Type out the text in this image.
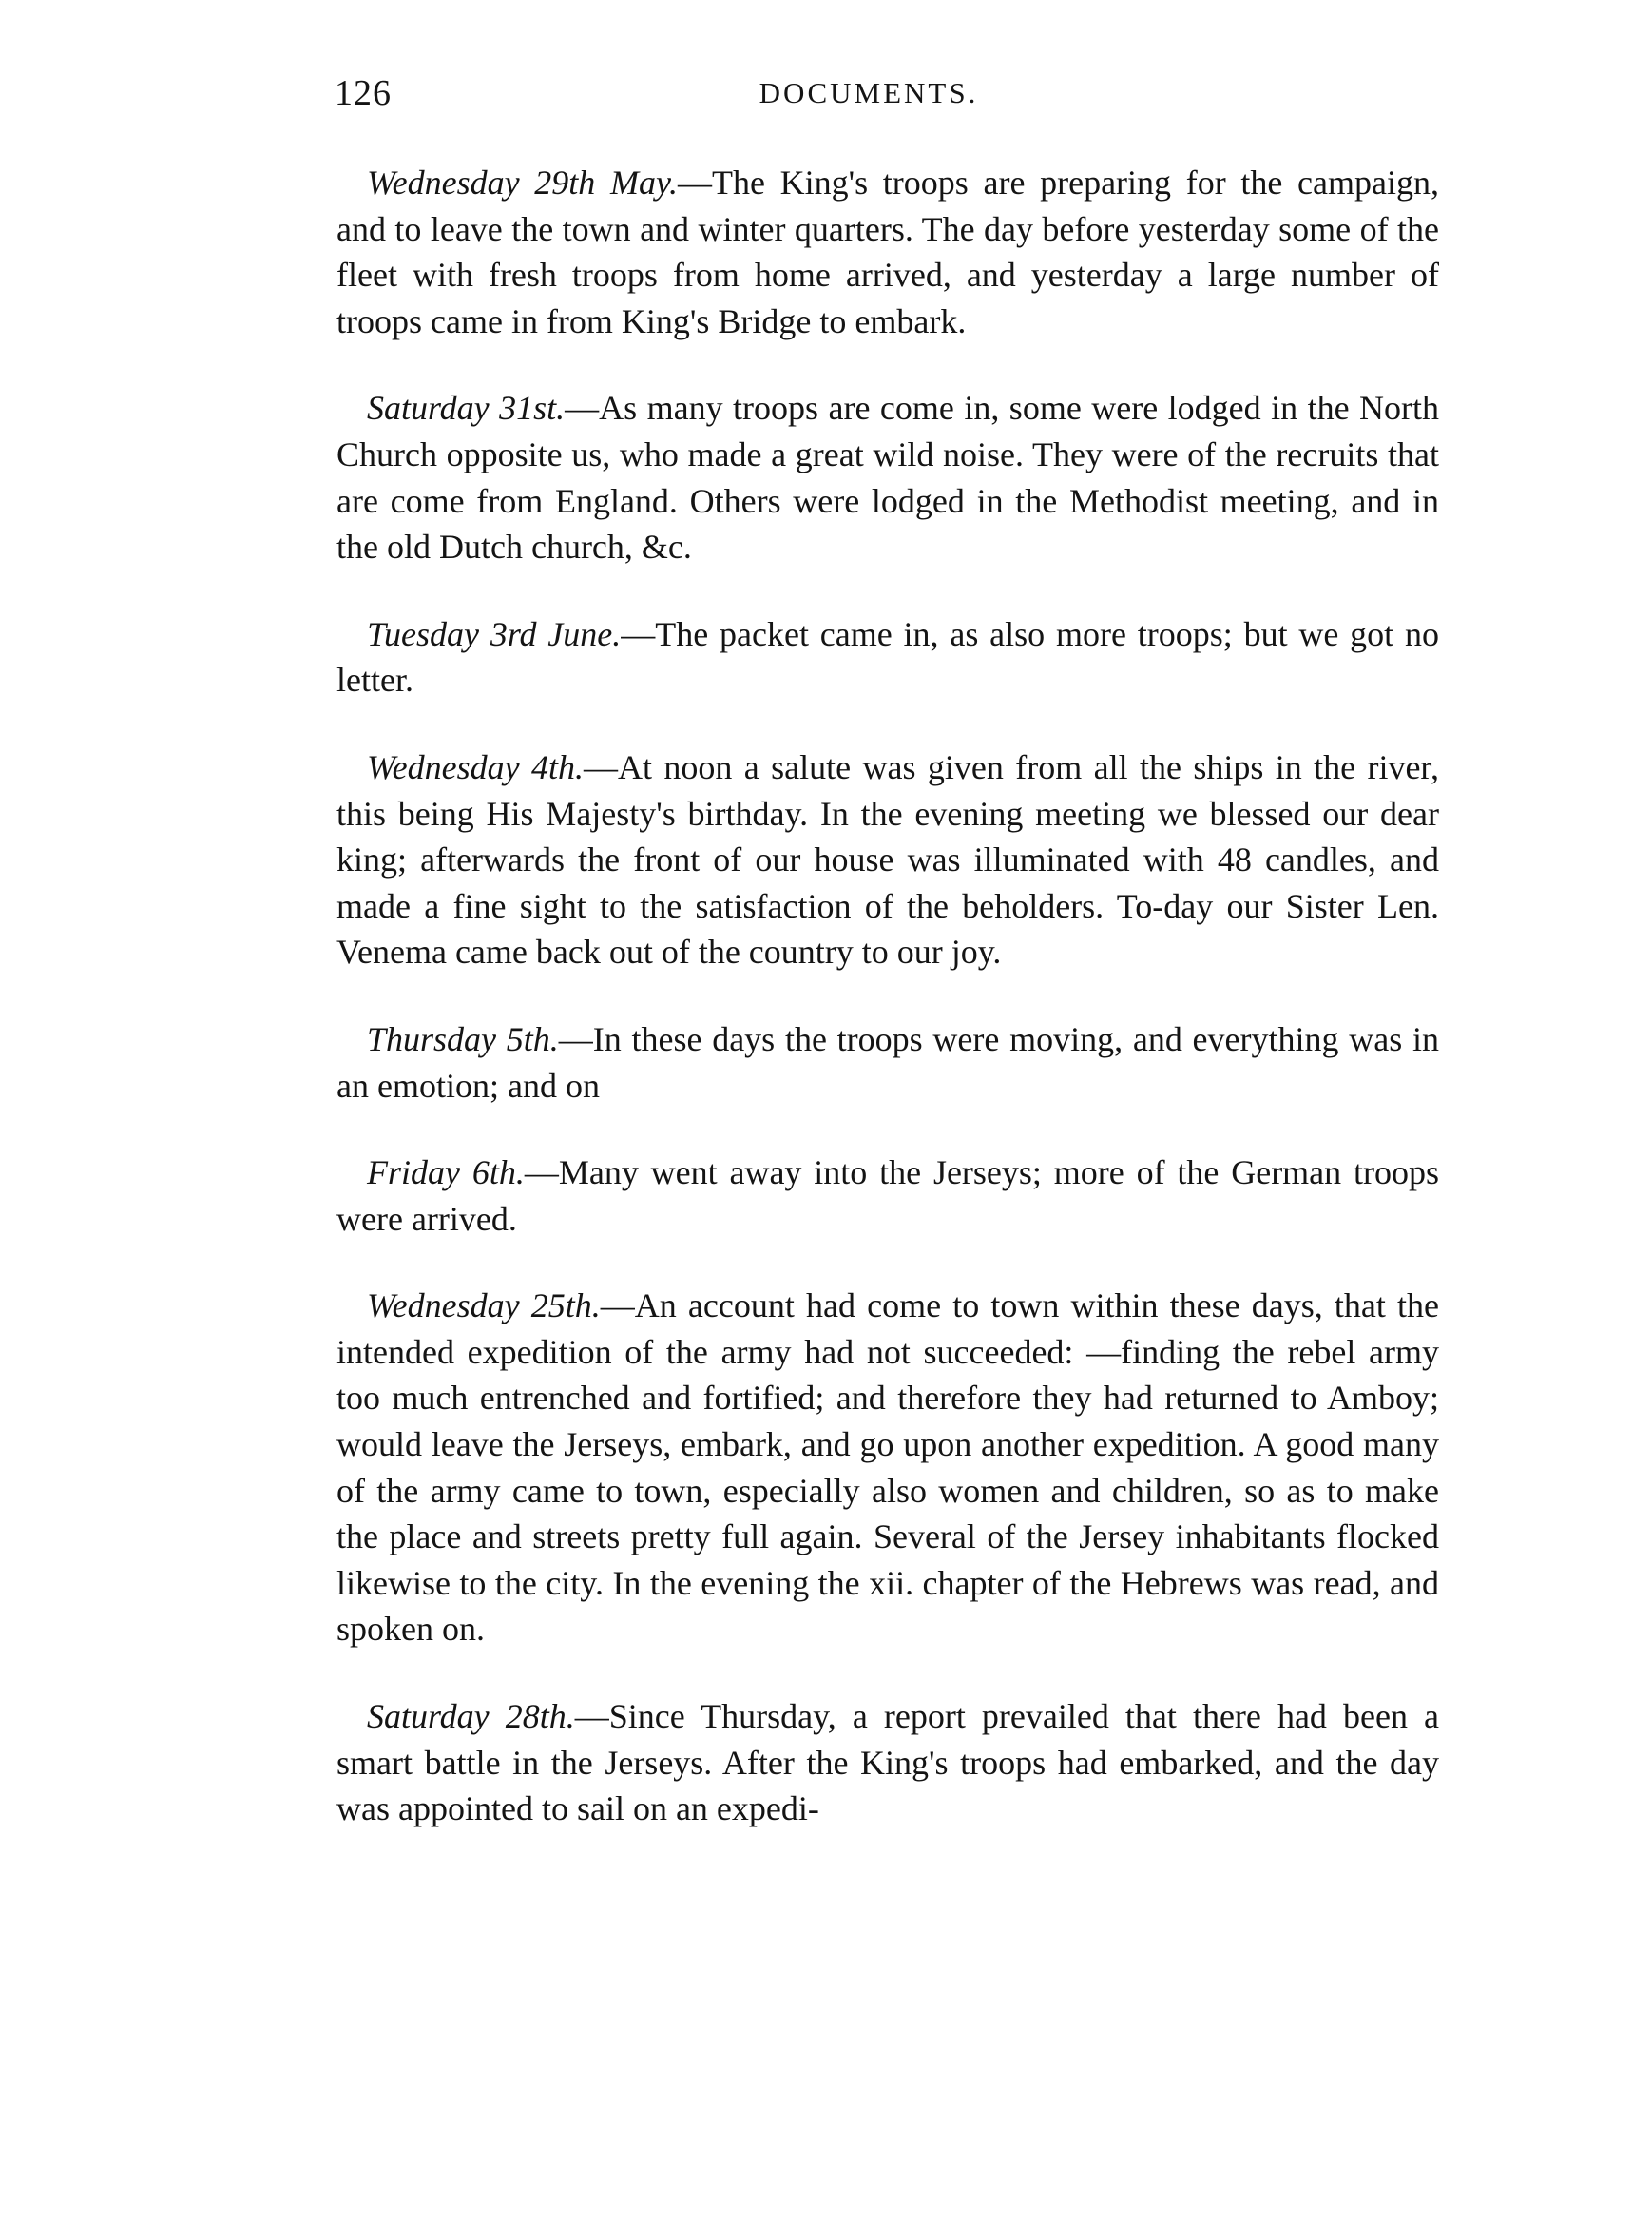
126	DOCUMENTS.

Wednesday 29th May.—The King's troops are preparing for the campaign, and to leave the town and winter quarters. The day before yesterday some of the fleet with fresh troops from home arrived, and yesterday a large number of troops came in from King's Bridge to embark.

Saturday 31st.—As many troops are come in, some were lodged in the North Church opposite us, who made a great wild noise. They were of the recruits that are come from England. Others were lodged in the Methodist meeting, and in the old Dutch church, &c.

Tuesday 3rd June.—The packet came in, as also more troops; but we got no letter.

Wednesday 4th.—At noon a salute was given from all the ships in the river, this being His Majesty's birthday. In the evening meeting we blessed our dear king; afterwards the front of our house was illuminated with 48 candles, and made a fine sight to the satisfaction of the beholders. To-day our Sister Len. Venema came back out of the country to our joy.

Thursday 5th.—In these days the troops were moving, and everything was in an emotion; and on

Friday 6th.—Many went away into the Jerseys; more of the German troops were arrived.

Wednesday 25th.—An account had come to town within these days, that the intended expedition of the army had not succeeded: —finding the rebel army too much entrenched and fortified; and therefore they had returned to Amboy; would leave the Jerseys, embark, and go upon another expedition. A good many of the army came to town, especially also women and children, so as to make the place and streets pretty full again. Several of the Jersey inhabitants flocked likewise to the city. In the evening the xii. chapter of the Hebrews was read, and spoken on.

Saturday 28th.—Since Thursday, a report prevailed that there had been a smart battle in the Jerseys. After the King's troops had embarked, and the day was appointed to sail on an expedi-
